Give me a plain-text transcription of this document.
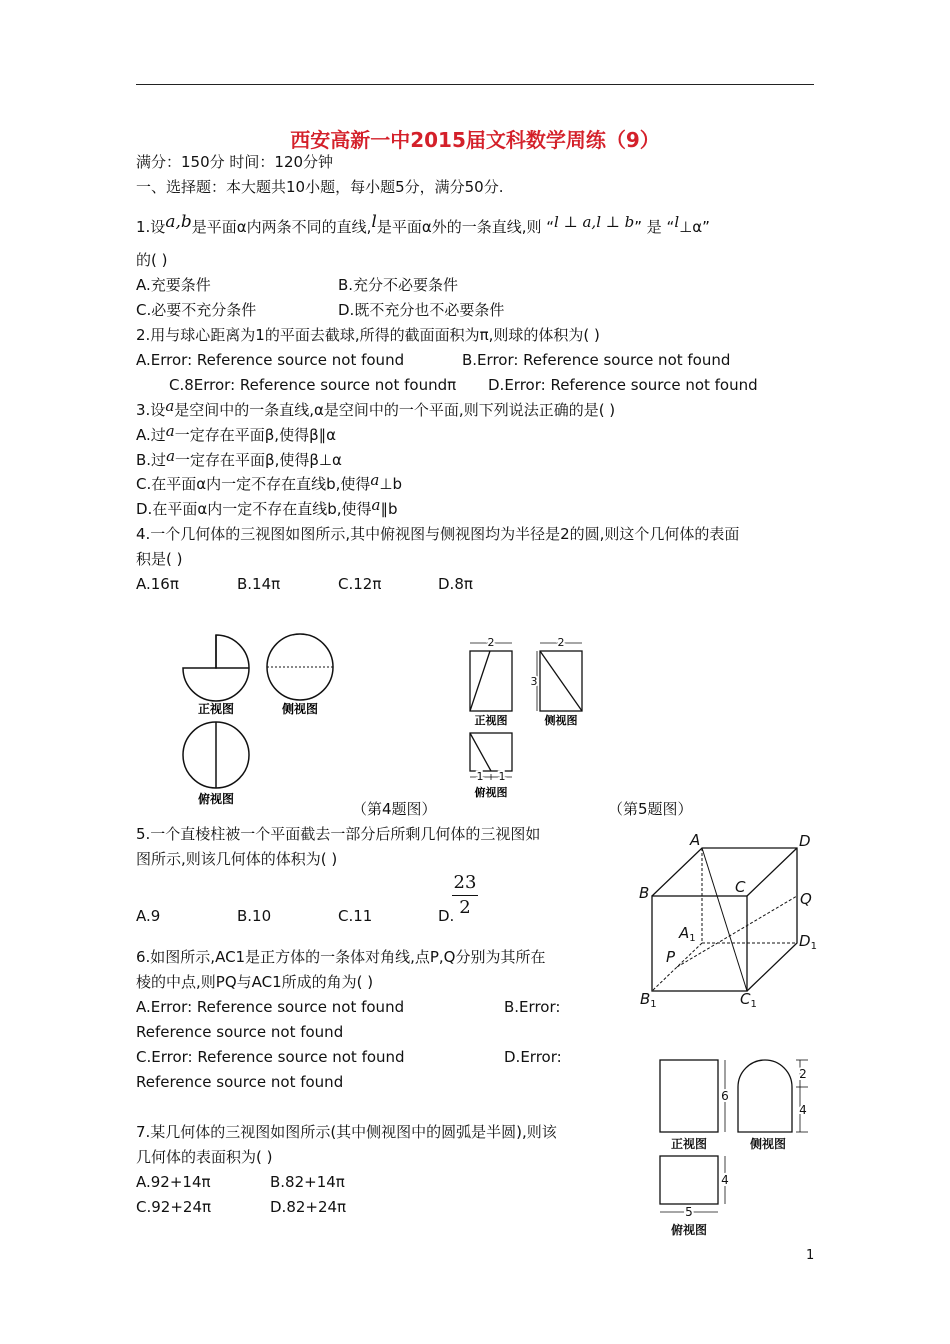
西安高新一中2015届文科数学周练（9）
满分：150分 时间：120分钟
一、选择题：本大题共10小题，每小题5分，满分50分.
1.设a,b是平面α内两条不同的直线,l是平面α外的一条直线,则 “l ⊥ a,l ⊥ b” 是 “l⊥α”
的( )
A.充要条件	B.充分不必要条件
C.必要不充分条件	D.既不充分也不必要条件
2.用与球心距离为1的平面去截球,所得的截面面积为π,则球的体积为( )
A.Error: Reference source not found	B.Error: Reference source not found
C.8Error: Reference source not foundπ D.Error: Reference source not found
3.设a是空间中的一条直线,α是空间中的一个平面,则下列说法正确的是( )
A.过a一定存在平面β,使得β∥α
B.过a一定存在平面β,使得β⊥α
C.在平面α内一定不存在直线b,使得a⊥b
D.在平面α内一定不存在直线b,使得a∥b
4.一个几何体的三视图如图所示,其中俯视图与侧视图均为半径是2的圆,则这个几何体的表面
积是( )
A.16π	B.14π	C.12π	D.8π
正视图	侧视图
俯视图
2
正视图
2
3
侧视图
1 1
俯视图
（第4题图）	（第5题图）
5.一个直棱柱被一个平面截去一部分后所剩几何体的三视图如
图所示,则该几何体的体积为( )
A.9	B.10	C.11	D.
23
2
A	D
B	C
Q
$A_1$	$D_1$
P
$B_1$	$C_1$
6.如图所示,AC1是正方体的一条体对角线,点P,Q分别为其所在
棱的中点,则PQ与AC1所成的角为( )
A.Error: Reference source not found	B.Error:
Reference source not found
C.Error: Reference source not found	D.Error:
Reference source not found
6
2
4
4
5
正视图	侧视图
俯视图
7.某几何体的三视图如图所示(其中侧视图中的圆弧是半圆),则该
几何体的表面积为( )
A.92+14π	B.82+14π
C.92+24π	D.82+24π
1
